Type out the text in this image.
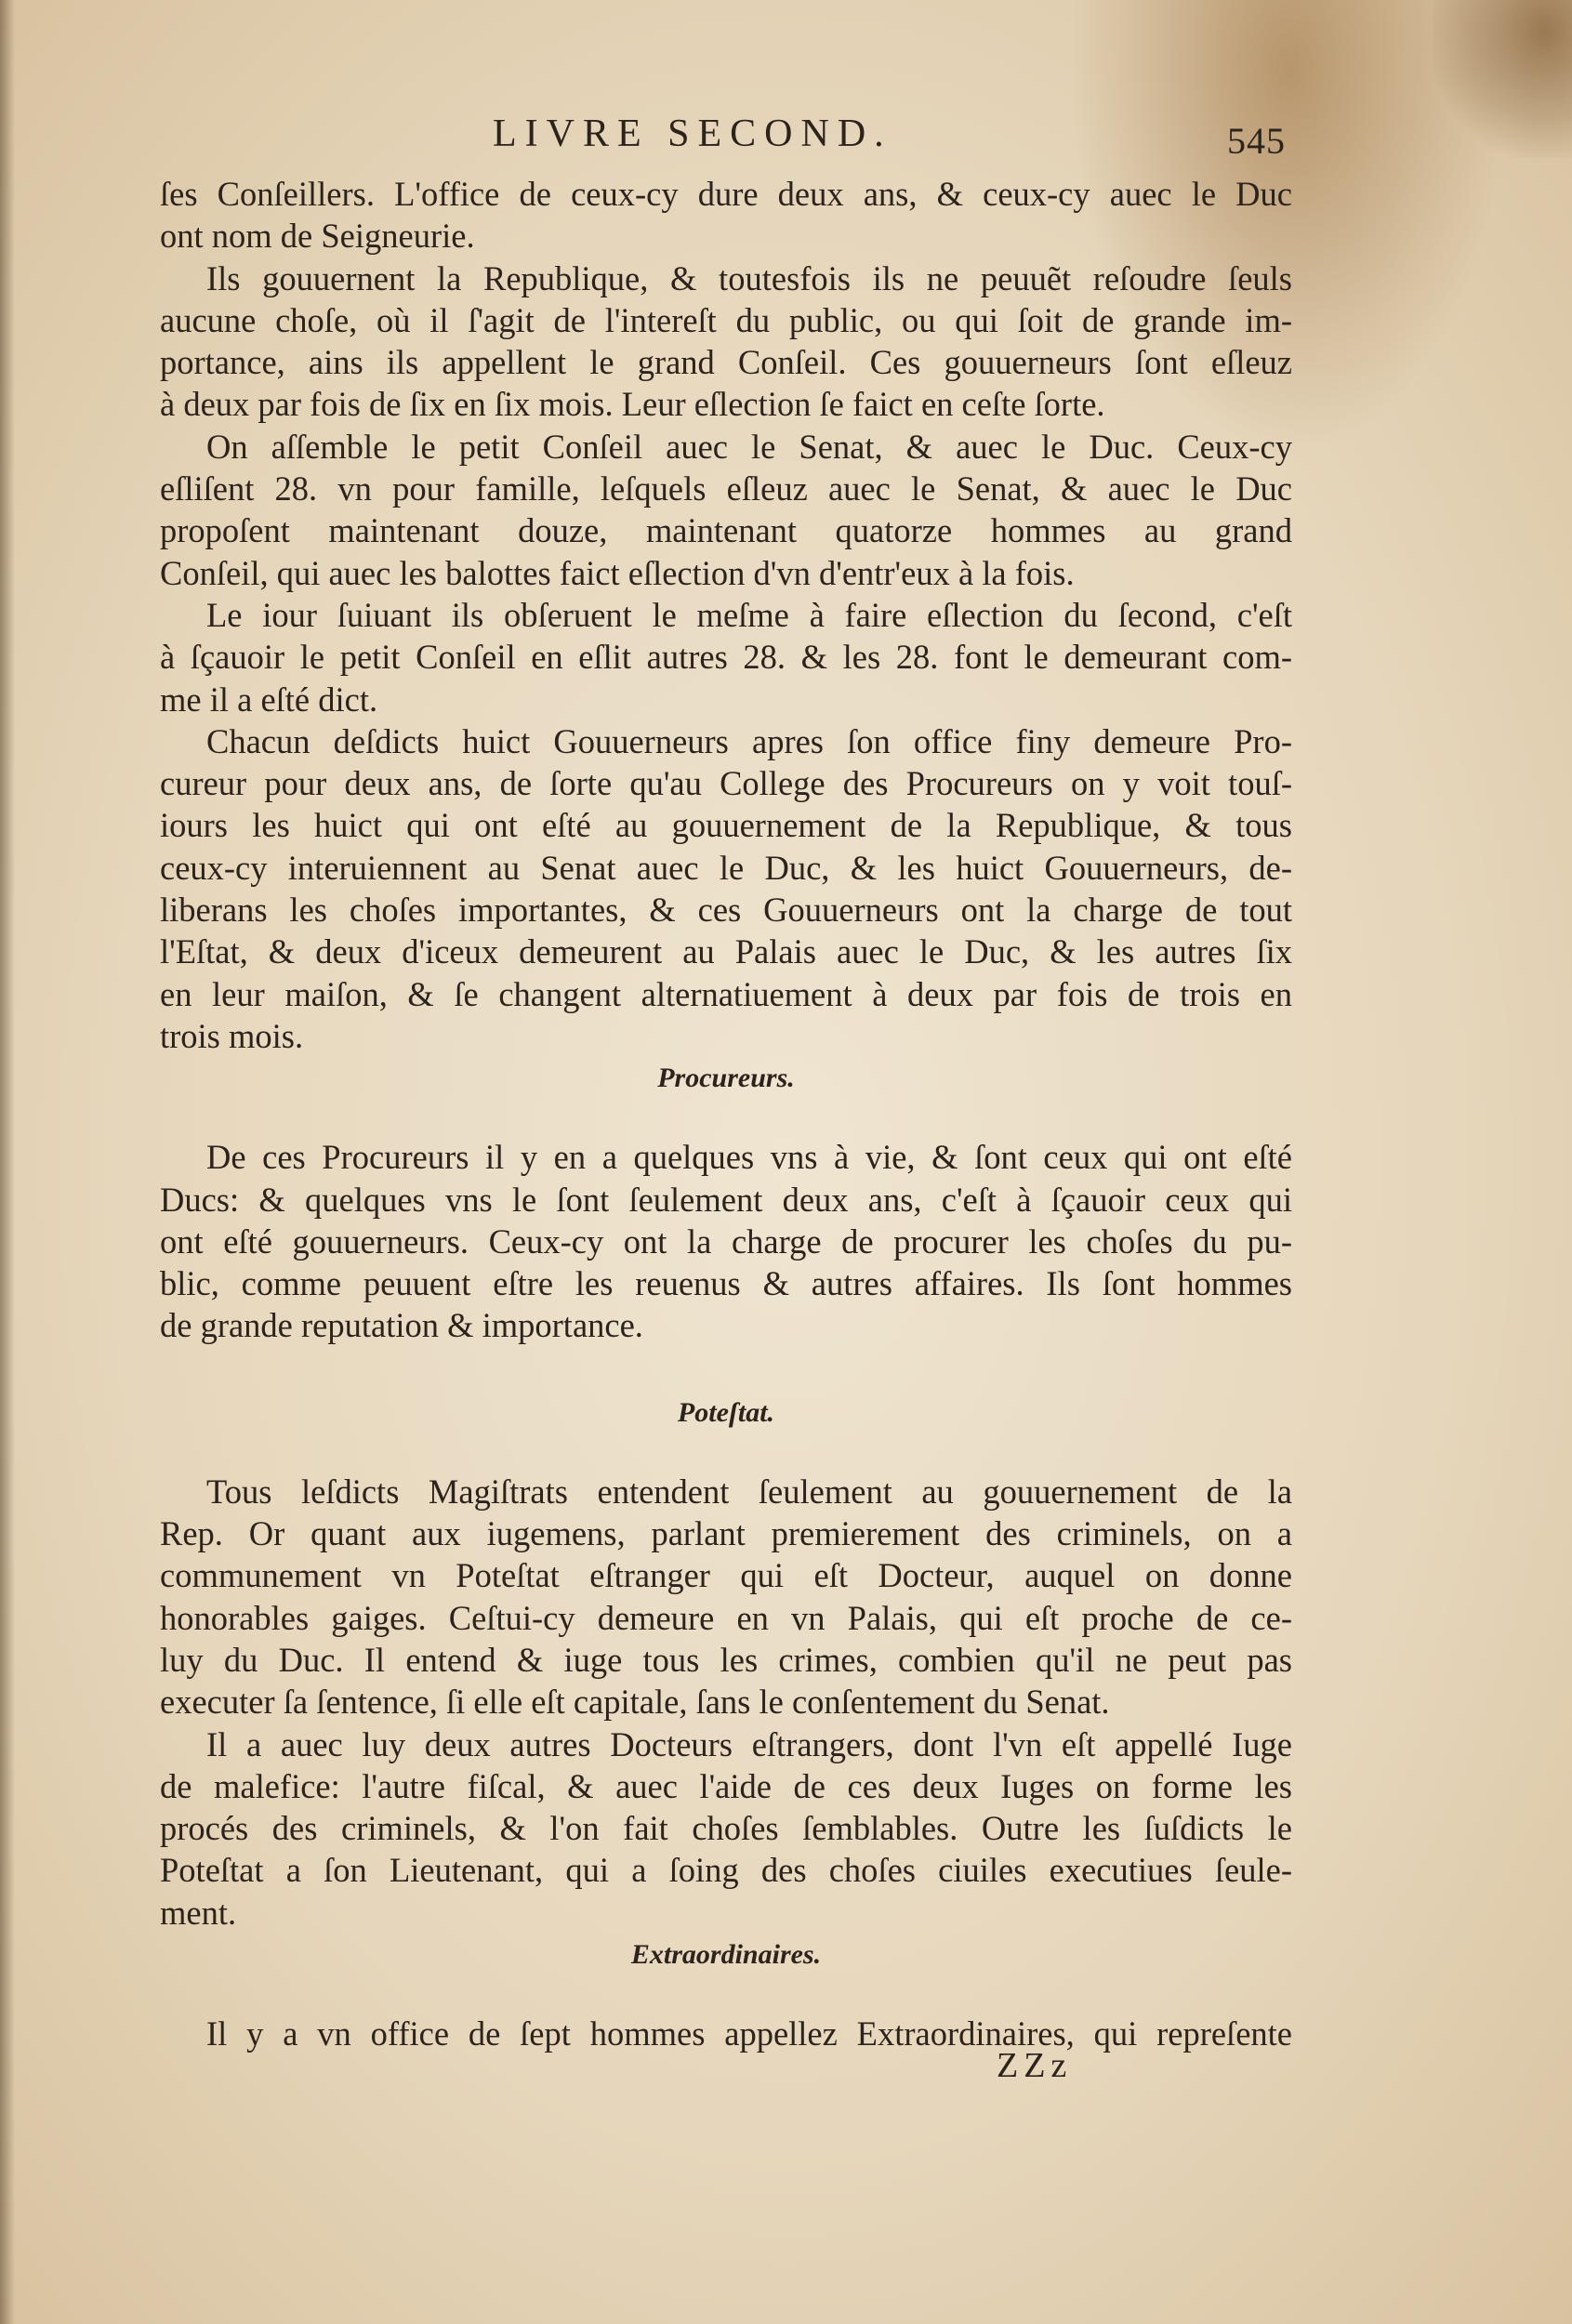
LIVRE SECOND.	545
ſes Conſeillers. L'office de ceux-cy dure deux ans, & ceux-cy auec le Duc
ont nom de Seigneurie.
Ils gouuernent la Republique, & toutesfois ils ne peuuẽt reſoudre ſeuls
aucune choſe, où il ſ'agit de l'intereſt du public, ou qui ſoit de grande im-
portance, ains ils appellent le grand Conſeil. Ces gouuerneurs ſont eſleuz
à deux par fois de ſix en ſix mois. Leur eſlection ſe faict en ceſte ſorte.
On aſſemble le petit Conſeil auec le Senat, & auec le Duc. Ceux-cy
eſliſent 28. vn pour famille, leſquels eſleuz auec le Senat, & auec le Duc
propoſent maintenant douze, maintenant quatorze hommes au grand
Conſeil, qui auec les balottes faict eſlection d'vn d'entr'eux à la fois.
Le iour ſuiuant ils obſeruent le meſme à faire eſlection du ſecond, c'eſt
à ſçauoir le petit Conſeil en eſlit autres 28. & les 28. font le demeurant com-
me il a eſté dict.
Chacun deſdicts huict Gouuerneurs apres ſon office finy demeure Pro-
cureur pour deux ans, de ſorte qu'au College des Procureurs on y voit touſ-
iours les huict qui ont eſté au gouuernement de la Republique, & tous
ceux-cy interuiennent au Senat auec le Duc, & les huict Gouuerneurs, de-
liberans les choſes importantes, & ces Gouuerneurs ont la charge de tout
l'Eſtat, & deux d'iceux demeurent au Palais auec le Duc, & les autres ſix
en leur maiſon, & ſe changent alternatiuement à deux par fois de trois en
trois mois.
Procureurs.
De ces Procureurs il y en a quelques vns à vie, & ſont ceux qui ont eſté
Ducs: & quelques vns le ſont ſeulement deux ans, c'eſt à ſçauoir ceux qui
ont eſté gouuerneurs. Ceux-cy ont la charge de procurer les choſes du pu-
blic, comme peuuent eſtre les reuenus & autres affaires. Ils ſont hommes
de grande reputation & importance.
Poteſtat.
Tous leſdicts Magiſtrats entendent ſeulement au gouuernement de la
Rep. Or quant aux iugemens, parlant premierement des criminels, on a
communement vn Poteſtat eſtranger qui eſt Docteur, auquel on donne
honorables gaiges. Ceſtui-cy demeure en vn Palais, qui eſt proche de ce-
luy du Duc. Il entend & iuge tous les crimes, combien qu'il ne peut pas
executer ſa ſentence, ſi elle eſt capitale, ſans le conſentement du Senat.
Il a auec luy deux autres Docteurs eſtrangers, dont l'vn eſt appellé Iuge
de malefice: l'autre fiſcal, & auec l'aide de ces deux Iuges on forme les
procés des criminels, & l'on fait choſes ſemblables. Outre les ſuſdicts le
Poteſtat a ſon Lieutenant, qui a ſoing des choſes ciuiles executiues ſeule-
ment.
Extraordinaires.
Il y a vn office de ſept hommes appellez Extraordinaires, qui repreſente
ZZz
